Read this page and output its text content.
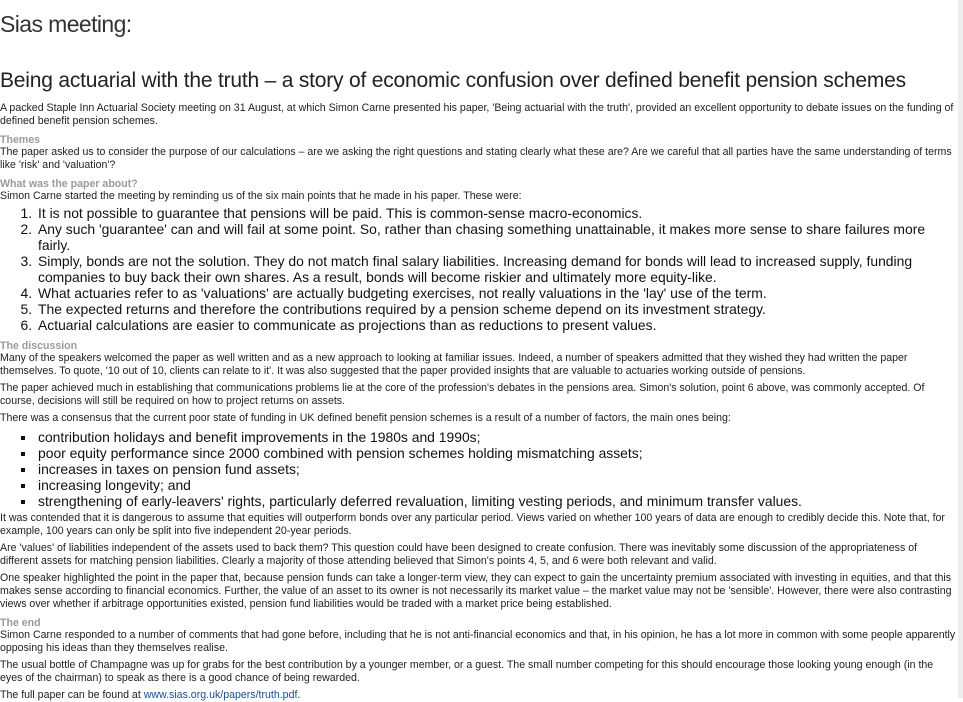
Sias meeting:
Being actuarial with the truth – a story of economic confusion over defined benefit pension schemes

A packed Staple Inn Actuarial Society meeting on 31 August, at which Simon Carne presented his paper, 'Being actuarial with the truth', provided an excellent opportunity to debate issues on the funding of defined benefit pension schemes.

Themes

The paper asked us to consider the purpose of our calculations – are we asking the right questions and stating clearly what these are? Are we careful that all parties have the same understanding of terms like 'risk' and 'valuation'?

What was the paper about?

Simon Carne started the meeting by reminding us of the six main points that he made in his paper. These were:

1. It is not possible to guarantee that pensions will be paid. This is common-sense macro-economics.
2. Any such 'guarantee' can and will fail at some point. So, rather than chasing something unattainable, it makes more sense to share failures more fairly.
3. Simply, bonds are not the solution. They do not match final salary liabilities. Increasing demand for bonds will lead to increased supply, funding companies to buy back their own shares. As a result, bonds will become riskier and ultimately more equity-like.
4. What actuaries refer to as 'valuations' are actually budgeting exercises, not really valuations in the 'lay' use of the term.
5. The expected returns and therefore the contributions required by a pension scheme depend on its investment strategy.
6. Actuarial calculations are easier to communicate as projections than as reductions to present values.
The discussion

Many of the speakers welcomed the paper as well written and as a new approach to looking at familiar issues. Indeed, a number of speakers admitted that they wished they had written the paper themselves. To quote, '10 out of 10, clients can relate to it'. It was also suggested that the paper provided insights that are valuable to actuaries working outside of pensions.

The paper achieved much in establishing that communications problems lie at the core of the profession's debates in the pensions area. Simon's solution, point 6 above, was commonly accepted. Of course, decisions will still be required on how to project returns on assets.

There was a consensus that the current poor state of funding in UK defined benefit pension schemes is a result of a number of factors, the main ones being:

▪ contribution holidays and benefit improvements in the 1980s and 1990s;
▪ poor equity performance since 2000 combined with pension schemes holding mismatching assets;
▪ increases in taxes on pension fund assets;
▪ increasing longevity; and
▪ strengthening of early-leavers' rights, particularly deferred revaluation, limiting vesting periods, and minimum transfer values.

It was contended that it is dangerous to assume that equities will outperform bonds over any particular period. Views varied on whether 100 years of data are enough to credibly decide this. Note that, for example, 100 years can only be split into five independent 20-year periods.

Are 'values' of liabilities independent of the assets used to back them? This question could have been designed to create confusion. There was inevitably some discussion of the appropriateness of different assets for matching pension liabilities. Clearly a majority of those attending believed that Simon's points 4, 5, and 6 were both relevant and valid.

One speaker highlighted the point in the paper that, because pension funds can take a longer-term view, they can expect to gain the uncertainty premium associated with investing in equities, and that this makes sense according to financial economics. Further, the value of an asset to its owner is not necessarily its market value – the market value may not be 'sensible'. However, there were also contrasting views over whether if arbitrage opportunities existed, pension fund liabilities would be traded with a market price being established.

The end

Simon Carne responded to a number of comments that had gone before, including that he is not anti-financial economics and that, in his opinion, he has a lot more in common with some people apparently opposing his ideas than they themselves realise.

The usual bottle of Champagne was up for grabs for the best contribution by a younger member, or a guest. The small number competing for this should encourage those looking young enough (in the eyes of the chairman) to speak as there is a good chance of being rewarded.

The full paper can be found at www.sias.org.uk/papers/truth.pdf.
